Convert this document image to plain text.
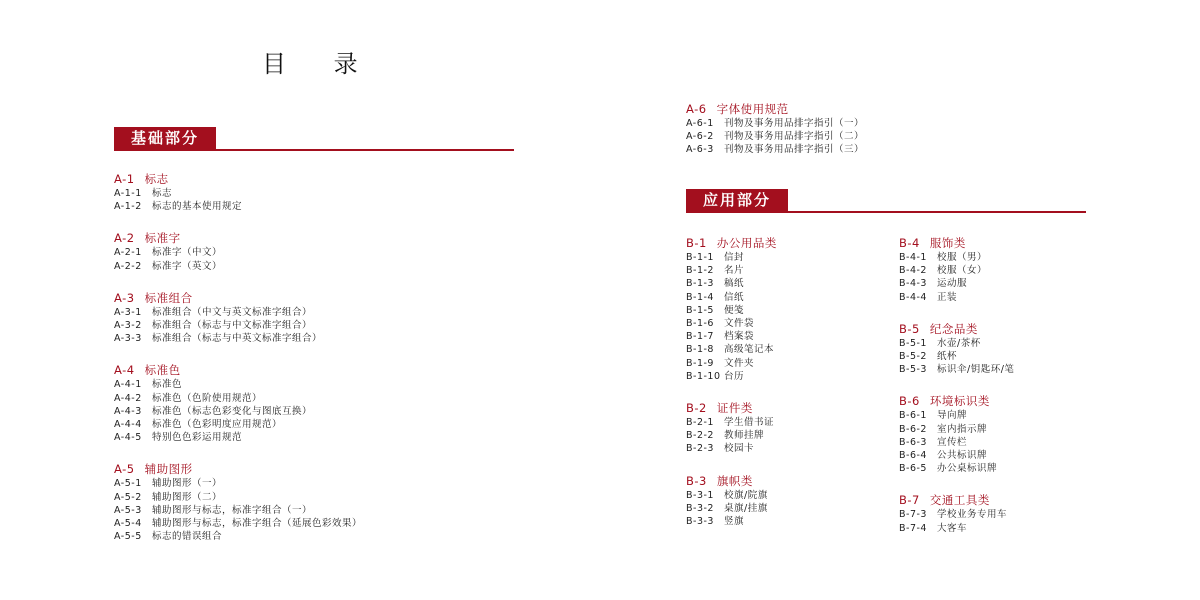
目 录
基础部分
A-1 标志
A-1-1 标志
A-1-2 标志的基本使用规定
A-2 标准字
A-2-1 标准字（中文）
A-2-2 标准字（英文）
A-3 标准组合
A-3-1 标准组合（中文与英文标准字组合）
A-3-2 标准组合（标志与中文标准字组合）
A-3-3 标准组合（标志与中英文标准字组合）
A-4 标准色
A-4-1 标准色
A-4-2 标准色（色阶使用规范）
A-4-3 标准色（标志色彩变化与图底互换）
A-4-4 标准色（色彩明度应用规范）
A-4-5 特别色色彩运用规范
A-5 辅助图形
A-5-1 辅助图形（一）
A-5-2 辅助图形（二）
A-5-3 辅助图形与标志，标准字组合（一）
A-5-4 辅助图形与标志，标准字组合（延展色彩效果）
A-5-5 标志的错误组合
A-6 字体使用规范
A-6-1 刊物及事务用品排字指引（一）
A-6-2 刊物及事务用品排字指引（二）
A-6-3 刊物及事务用品排字指引（三）
应用部分
B-1 办公用品类
B-1-1 信封
B-1-2 名片
B-1-3 稿纸
B-1-4 信纸
B-1-5 便笺
B-1-6 文件袋
B-1-7 档案袋
B-1-8 高级笔记本
B-1-9 文件夹
B-1-10 台历
B-2 证件类
B-2-1 学生借书证
B-2-2 教师挂牌
B-2-3 校园卡
B-3 旗帜类
B-3-1 校旗/院旗
B-3-2 桌旗/挂旗
B-3-3 竖旗
B-4 服饰类
B-4-1 校服（男）
B-4-2 校服（女）
B-4-3 运动服
B-4-4 正装
B-5 纪念品类
B-5-1 水壶/茶杯
B-5-2 纸杯
B-5-3 标识伞/钥匙环/笔
B-6 环境标识类
B-6-1 导向牌
B-6-2 室内指示牌
B-6-3 宣传栏
B-6-4 公共标识牌
B-6-5 办公桌标识牌
B-7 交通工具类
B-7-3 学校业务专用车
B-7-4 大客车
